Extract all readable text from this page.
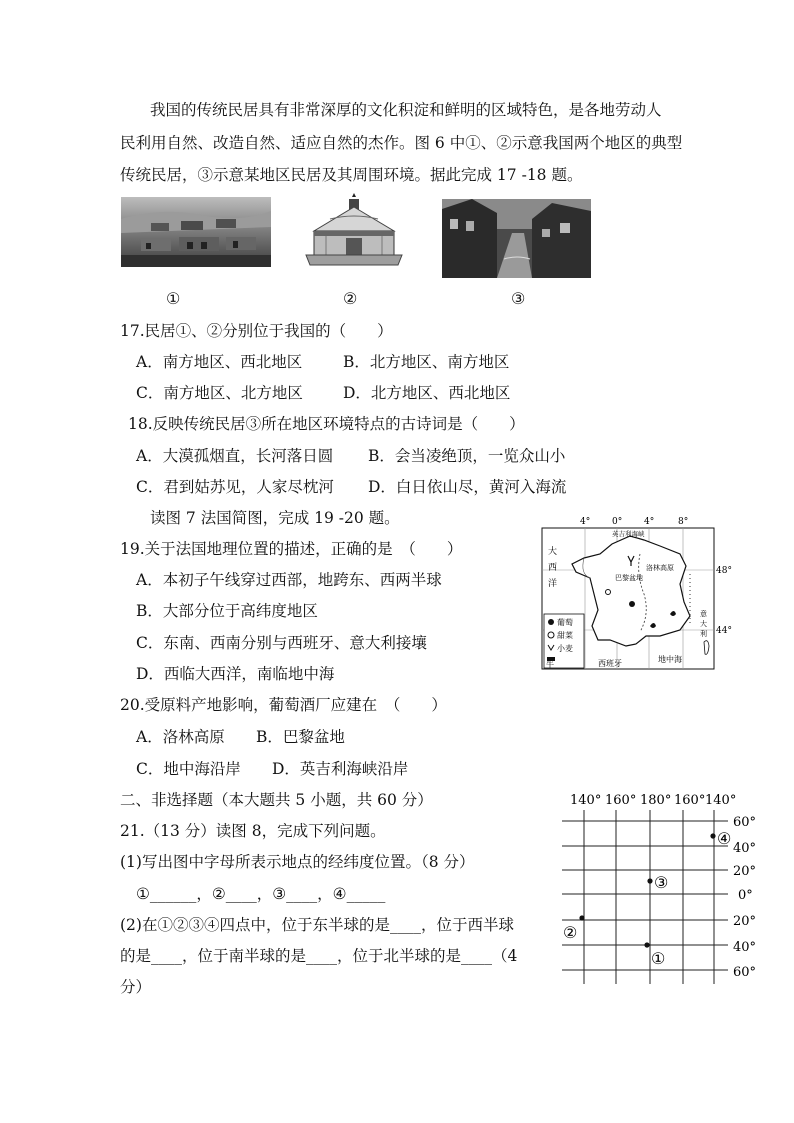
我国的传统民居具有非常深厚的文化积淀和鲜明的区域特色，是各地劳动人
民利用自然、改造自然、适应自然的杰作。图 6 中①、②示意我国两个地区的典型
传统民居，③示意某地区民居及其周围环境。据此完成 17 -18 题。
①	②	③
17.民居①、②分别位于我国的（　　）
A．南方地区、西北地区	B．北方地区、南方地区
C．南方地区、北方地区	D．北方地区、西北地区
18.反映传统民居③所在地区环境特点的古诗词是（　　）
A．大漠孤烟直，长河落日圆 B．会当凌绝顶，一览众山小
C．君到姑苏见，人家尽枕河 D．白日依山尽，黄河入海流
读图 7 法国简图，完成 19 -20 题。
19.关于法国地理位置的描述，正确的是　（　　）
A．本初子午线穿过西部，地跨东、西两半球
B．大部分位于高纬度地区
C．东南、西南分别与西班牙、意大利接壤
D．西临大西洋，南临地中海
20.受原料产地影响，葡萄酒厂应建在　（　　）
A．洛林高原 B．巴黎盆地
C．地中海沿岸 D．英吉利海峡沿岸
二、非选择题（本大题共 5 小题，共 60 分）
21.（13 分）读图 8，完成下列问题。
(1)写出图中字母所表示地点的经纬度位置。（8 分）
①______，②____，③____，④_____
(2)在①②③④四点中，位于东半球的是____，位于西半球
的是____，位于南半球的是____，位于北半球的是____（4
分）
4° 0° 4°	8°
英吉利海峡
洛林高原
巴黎盆地
大
西
洋
西班牙	地中海
意
大
利
48°
44°
葡萄
甜菜
小麦
牛
140° 160° 180° 160° 140°
60°
40°
20°
0°
20°
40°
60°
①
②
③
④
